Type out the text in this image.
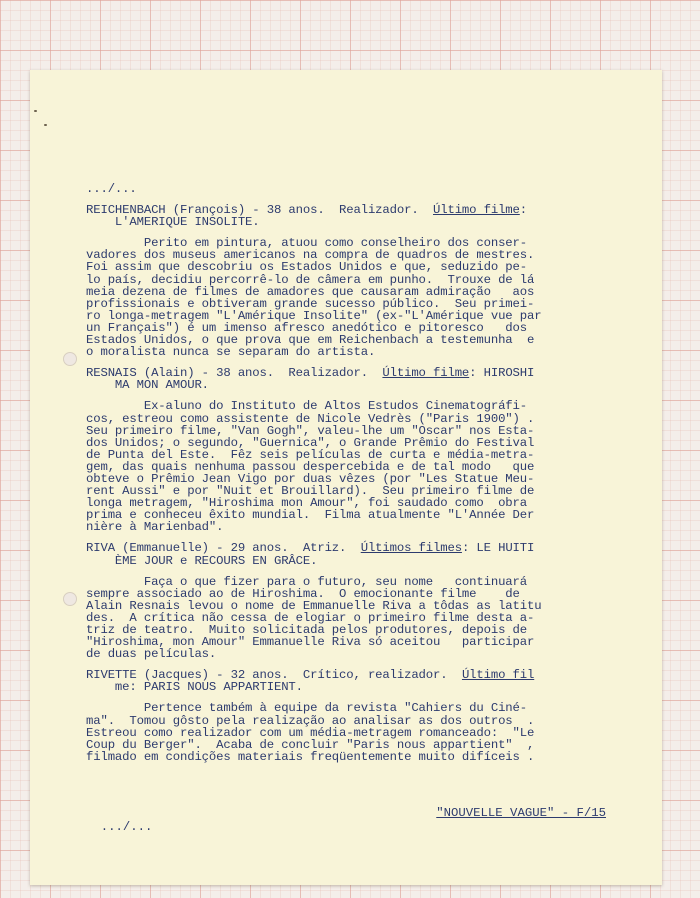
.../...
REICHENBACH (François) - 38 anos.  Realizador.  Último filme:
L'AMERIQUE INSOLITE.
Perito em pintura, atuou como conselheiro dos conser-
vadores dos museus americanos na compra de quadros de mestres.
Foi assim que descobriu os Estados Unidos e que, seduzido pe-
lo país, decidiu percorrê-lo de câmera em punho.  Trouxe de lá
meia dezena de filmes de amadores que causaram admiração   aos
profissionais e obtiveram grande sucesso público.  Seu primei-
ro longa-metragem "L'Amérique Insolite" (ex-"L'Amérique vue par
un Français") é um imenso afresco anedótico e pitoresco   dos
Estados Unidos, o que prova que em Reichenbach a testemunha  e
o moralista nunca se separam do artista.
RESNAIS (Alain) - 38 anos.  Realizador.  Último filme: HIROSHI
MA MON AMOUR.
Ex-aluno do Instituto de Altos Estudos Cinematográfi-
cos, estreou como assistente de Nicole Vedrès ("Paris 1900") .
Seu primeiro filme, "Van Gogh", valeu-lhe um "Oscar" nos Esta-
dos Unidos; o segundo, "Guernica", o Grande Prêmio do Festival
de Punta del Este.  Fêz seis películas de curta e média-metra-
gem, das quais nenhuma passou despercebida e de tal modo   que
obteve o Prêmio Jean Vigo por duas vêzes (por "Les Statue Meu-
rent Aussi" e por "Nuit et Brouillard).  Seu primeiro filme de
longa metragem, "Hiroshima mon Amour", foi saudado como  obra
prima e conheceu êxito mundial.  Filma atualmente "L'Année Der
nière à Marienbad".
RIVA (Emmanuelle) - 29 anos.  Atriz.  Últimos filmes: LE HUITI
ÈME JOUR e RECOURS EN GRÂCE.
Faça o que fizer para o futuro, seu nome   continuará
sempre associado ao de Hiroshima.  O emocionante filme    de
Alain Resnais levou o nome de Emmanuelle Riva a tôdas as latitu
des.  A crítica não cessa de elogiar o primeiro filme desta a-
triz de teatro.  Muito solicitada pelos produtores, depois de
"Hiroshima, mon Amour" Emmanuelle Riva só aceitou   participar
de duas películas.
RIVETTE (Jacques) - 32 anos.  Crítico, realizador.  Último fil
me: PARIS NOUS APPARTIENT.
Pertence também à equipe da revista "Cahiers du Ciné-
ma".  Tomou gôsto pela realização ao analisar as dos outros  .
Estreou como realizador com um média-metragem romanceado:  "Le
Coup du Berger".  Acaba de concluir "Paris nous appartient"  ,
filmado em condições materiais freqüentemente muito difíceis .

.../...

"NOUVELLE VAGUE" - F/15
